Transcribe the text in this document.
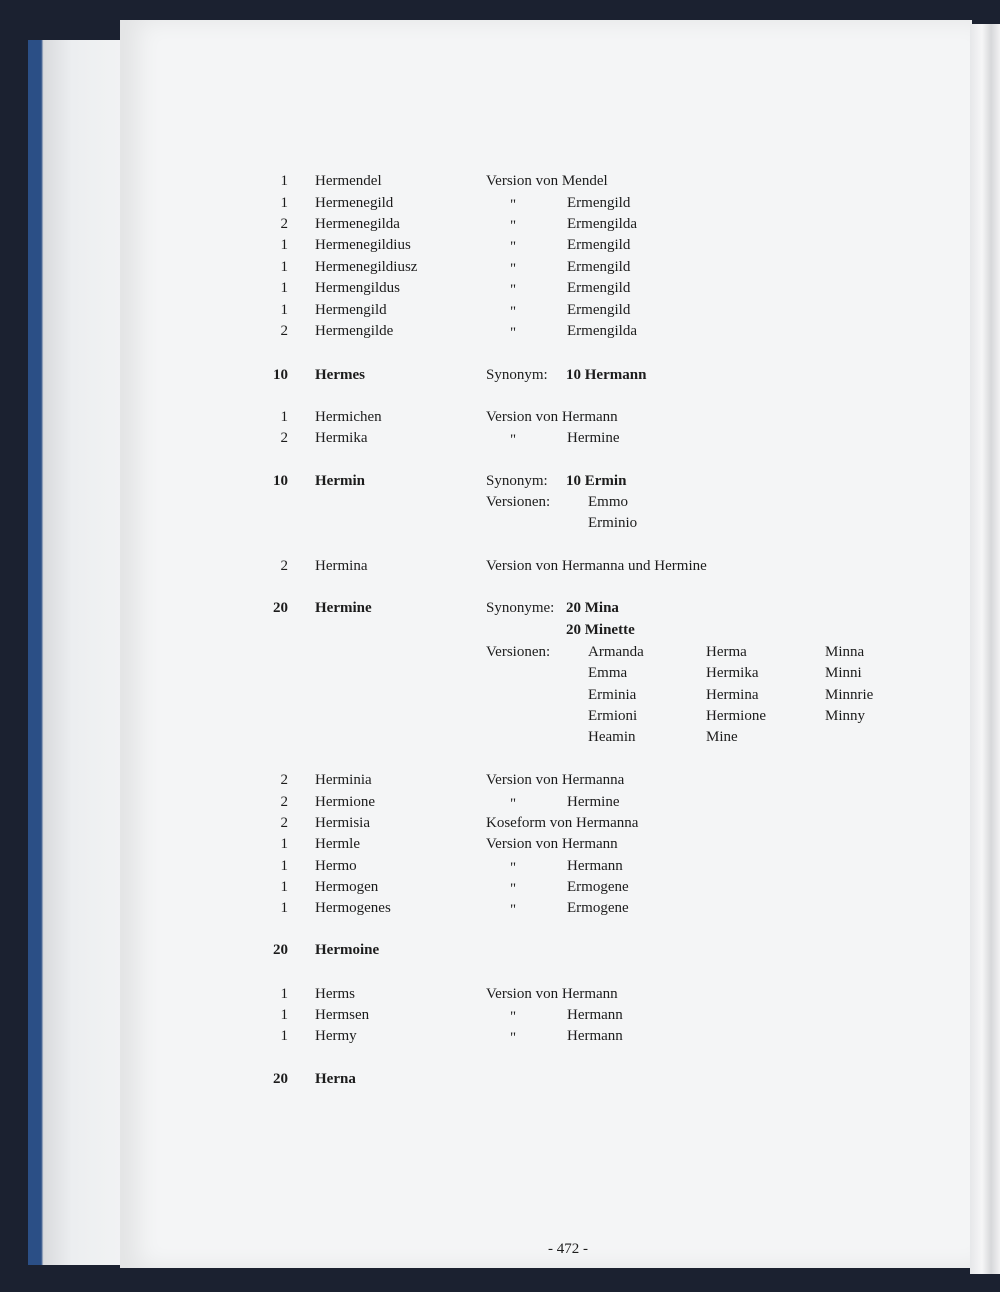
1 Hermendel	Version von Mendel
1 Hermenegild	"	Ermengild
2 Hermenegilda	"	Ermengilda
1 Hermenegildius	"	Ermengild
1 Hermenegildiusz	"	Ermengild
1 Hermengildus	"	Ermengild
1 Hermengild	"	Ermengild
2 Hermengilde	"	Ermengilda
10 Hermes	Synonym: 10 Hermann
1 Hermichen	Version von Hermann
2 Hermika	"	Hermine
10 Hermin	Synonym: 10 Ermin
Versionen:	Emmo
Erminio
2 Hermina	Version von Hermanna und Hermine
20 Hermine	Synonyme: 20 Mina
20 Minette
Versionen:	Armanda	Herma	Minna
Emma	Hermika	Minni
Erminia	Hermina	Minnrie
Ermioni	Hermione	Minny
Heamin	Mine
2 Herminia	Version von Hermanna
2 Hermione	"	Hermine
2 Hermisia	Koseform von Hermanna
1 Hermle	Version von Hermann
1 Hermo	"	Hermann
1 Hermogen	"	Ermogene
1 Hermogenes	"	Ermogene
20 Hermoine
1 Herms	Version von Hermann
1 Hermsen	"	Hermann
1 Hermy	"	Hermann
20 Herna
- 472 -
